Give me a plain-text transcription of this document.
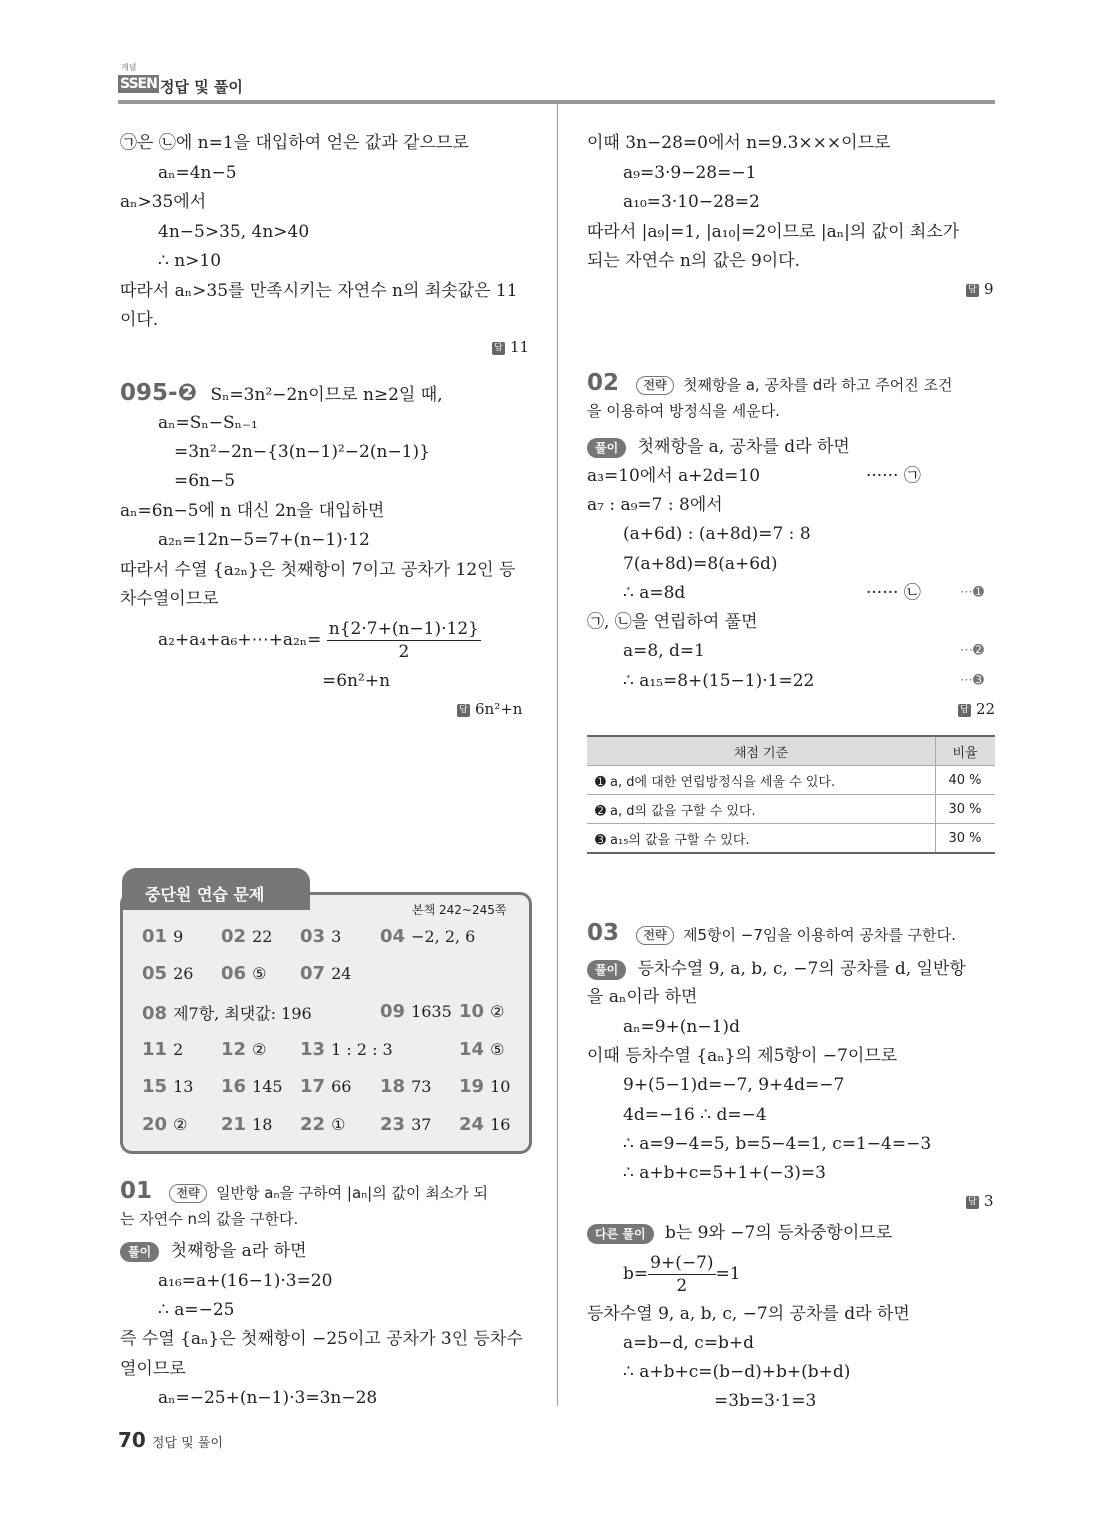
개념
SSEN 정답 및 풀이
㉠은 ㉡에 n=1을 대입하여 얻은 값과 같으므로
aₙ=4n−5
aₙ>35에서
4n−5>35, 4n>40
∴ n>10
따라서 aₙ>35를 만족시키는 자연수 n의 최솟값은 11
이다.
답 11
095-❷ Sₙ=3n²−2n이므로 n≥2일 때,
aₙ=Sₙ−Sₙ₋₁
=3n²−2n−{3(n−1)²−2(n−1)}
=6n−5
aₙ=6n−5에 n 대신 2n을 대입하면
a₂ₙ=12n−5=7+(n−1)·12
따라서 수열 {a₂ₙ}은 첫째항이 7이고 공차가 12인 등
차수열이므로
a₂+a₄+a₆+⋯+a₂ₙ= $\frac{n\{2\cdot 7+(n-1)\cdot 12\}}{2}$
=6n²+n
답 6n²+n
중단원 연습 문제
본책 242~245쪽
01 9 02 22 03 3 04 −2, 2, 6
05 26 06 ⑤ 07 24
08 제7항, 최댓값: 196	09 1635 10 ②
11 2 12 ② 13 1 : 2 : 3	14 ⑤
15 13 16 145 17 66 18 73 19 10
20 ② 21 18 22 ① 23 37 24 16
01 전략 일반항 aₙ을 구하여 |aₙ|의 값이 최소가 되
는 자연수 n의 값을 구한다.
풀이 첫째항을 a라 하면
a₁₆=a+(16−1)·3=20
∴ a=−25
즉 수열 {aₙ}은 첫째항이 −25이고 공차가 3인 등차수
열이므로
aₙ=−25+(n−1)·3=3n−28
이때 3n−28=0에서 n=9.3×××이므로
a₉=3·9−28=−1
a₁₀=3·10−28=2
따라서 |a₉|=1, |a₁₀|=2이므로 |aₙ|의 값이 최소가
되는 자연수 n의 값은 9이다.
답 9
02 전략 첫째항을 a, 공차를 d라 하고 주어진 조건
을 이용하여 방정식을 세운다.
풀이 첫째항을 a, 공차를 d라 하면
a₃=10에서 a+2d=10	······ ㉠
a₇ : a₉=7 : 8에서
(a+6d) : (a+8d)=7 : 8
7(a+8d)=8(a+6d)
∴ a=8d	······ ㉡	⋯➊
㉠, ㉡을 연립하여 풀면
a=8, d=1	⋯➋
∴ a₁₅=8+(15−1)·1=22	⋯➌
답 22
채점 기준	비율
➊ a, d에 대한 연립방정식을 세울 수 있다.	40 %
➋ a, d의 값을 구할 수 있다.	30 %
➌ a₁₅의 값을 구할 수 있다.	30 %
03 전략 제5항이 −7임을 이용하여 공차를 구한다.
풀이 등차수열 9, a, b, c, −7의 공차를 d, 일반항
을 aₙ이라 하면
aₙ=9+(n−1)d
이때 등차수열 {aₙ}의 제5항이 −7이므로
9+(5−1)d=−7, 9+4d=−7
4d=−16 ∴ d=−4
∴ a=9−4=5, b=5−4=1, c=1−4=−3
∴ a+b+c=5+1+(−3)=3
답 3
다른 풀이 b는 9와 −7의 등차중항이므로
$b= \frac{9+(-7)}{2} =1$
등차수열 9, a, b, c, −7의 공차를 d라 하면
a=b−d, c=b+d
∴ a+b+c=(b−d)+b+(b+d)
=3b=3·1=3
70 정답 및 풀이
